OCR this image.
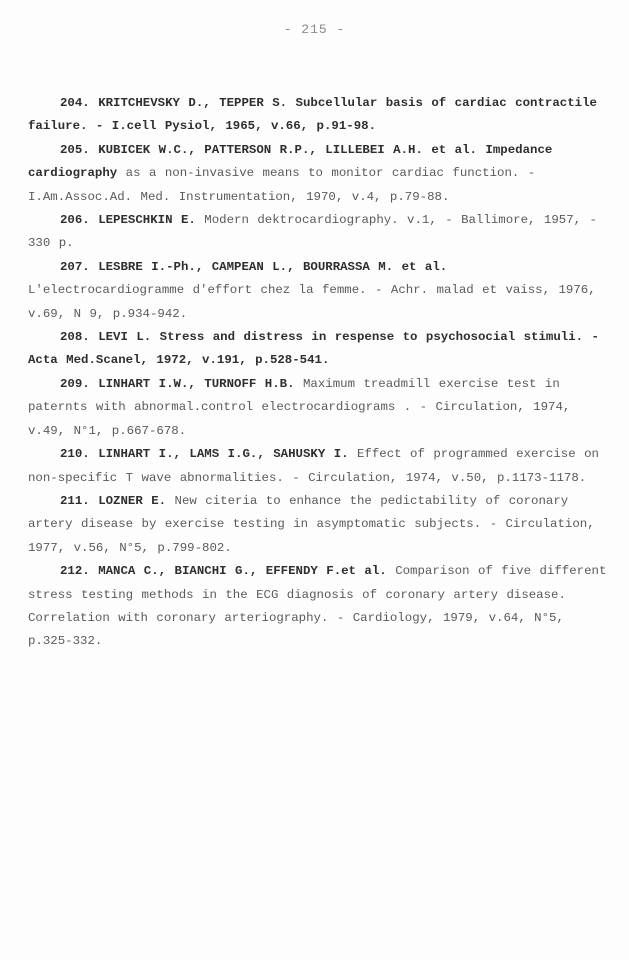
- 215 -

204. KRITCHEVSKY D., TEPPER S. Subcellular basis of cardiac contractile failure. - I.cell Pysiol, 1965, v.66, p.91-98.

205. KUBICEK W.C., PATTERSON R.P., LILLEBEI A.H. et al. Impedance cardiography as a non-invasive means to monitor cardiac function. - I.Am.Assoc.Ad. Med. Instrumentation, 1970, v.4, p.79-88.

206. LEPESCHKIN E. Modern dektrocardiography. v.1, - Ballimore, 1957, - 330 p.

207. LESBRE I.-Ph., CAMPEAN L., BOURRASSA M. et al. L'electrocardiogramme d'effort chez la femme. - Achr. malad et vaiss, 1976, v.69, N 9, p.934-942.

208. LEVI L. Stress and distress in respense to psychosocial stimuli. - Acta Med.Scanel, 1972, v.191, p.528-541.

209. LINHART I.W., TURNOFF H.B. Maximum treadmill exercise test in paternts with abnormal.control electrocardiograms . - Circulation, 1974, v.49, N°1, p.667-678.

210. LINHART I., LAMS I.G., SAHUSKY I. Effect of programmed exercise on non-specific T wave abnormalities. - Circulation, 1974, v.50, p.1173-1178.

211. LOZNER E. New citeria to enhance the pedictability of coronary artery disease by exercise testing in asymptomatic subjects. - Circulation, 1977, v.56, N°5, p.799-802.

212. MANCA C., BIANCHI G., EFFENDY F.et al. Comparison of five different stress testing methods in the ECG diagnosis of coronary artery disease. Correlation with coronary arteriography. - Cardiology, 1979, v.64, N°5, p.325-332.
